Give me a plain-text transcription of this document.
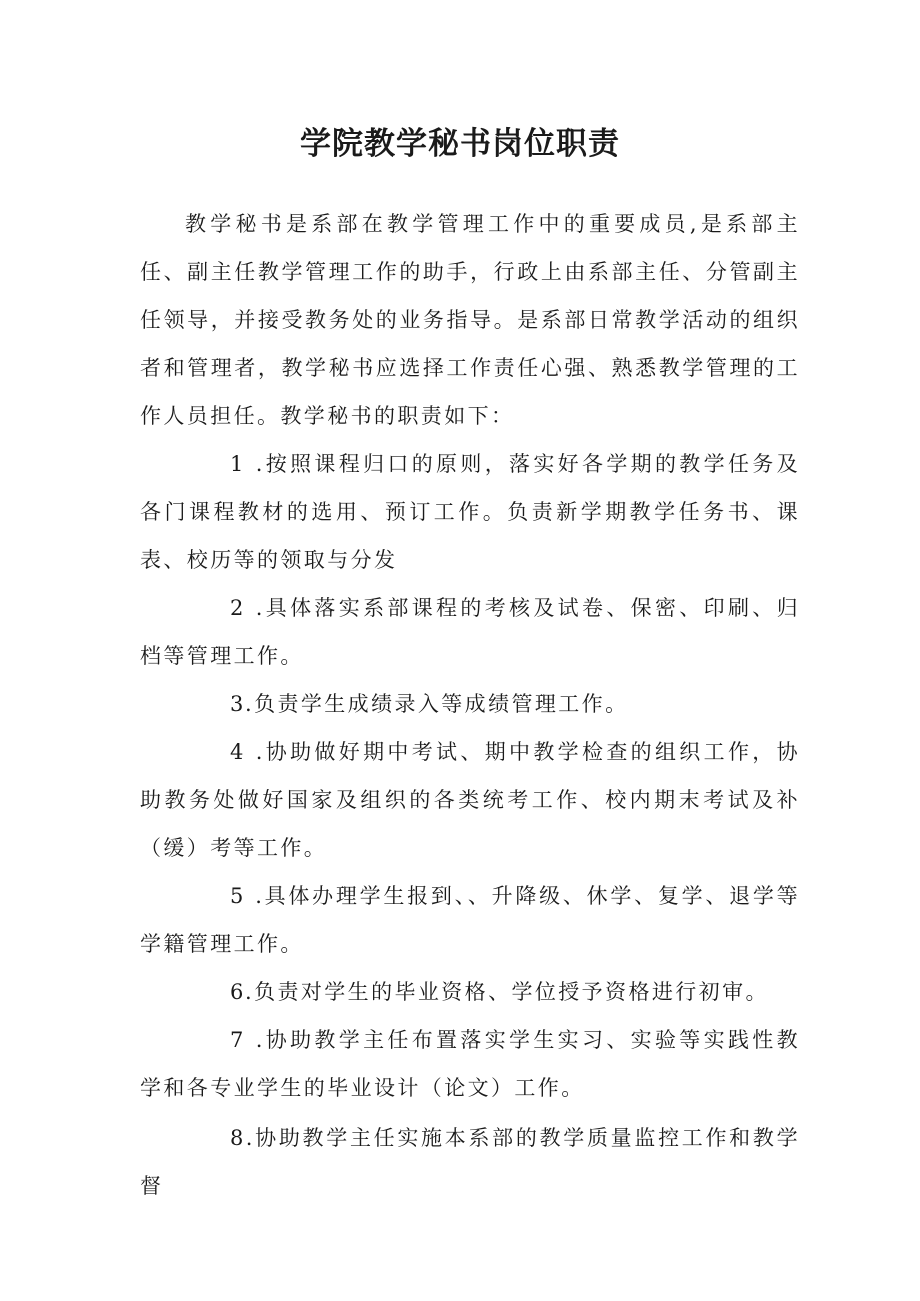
学院教学秘书岗位职责

教学秘书是系部在教学管理工作中的重要成员,是系部主任、副主任教学管理工作的助手，行政上由系部主任、分管副主任领导，并接受教务处的业务指导。是系部日常教学活动的组织者和管理者，教学秘书应选择工作责任心强、熟悉教学管理的工作人员担任。教学秘书的职责如下：

1 .按照课程归口的原则，落实好各学期的教学任务及各门课程教材的选用、预订工作。负责新学期教学任务书、课表、校历等的领取与分发

2 .具体落实系部课程的考核及试卷、保密、印刷、归档等管理工作。

3.负责学生成绩录入等成绩管理工作。

4 .协助做好期中考试、期中教学检查的组织工作，协助教务处做好国家及组织的各类统考工作、校内期末考试及补（缓）考等工作。

5 .具体办理学生报到、、升降级、休学、复学、退学等学籍管理工作。

6.负责对学生的毕业资格、学位授予资格进行初审。

7 .协助教学主任布置落实学生实习、实验等实践性教学和各专业学生的毕业设计（论文）工作。

8.协助教学主任实施本系部的教学质量监控工作和教学督
